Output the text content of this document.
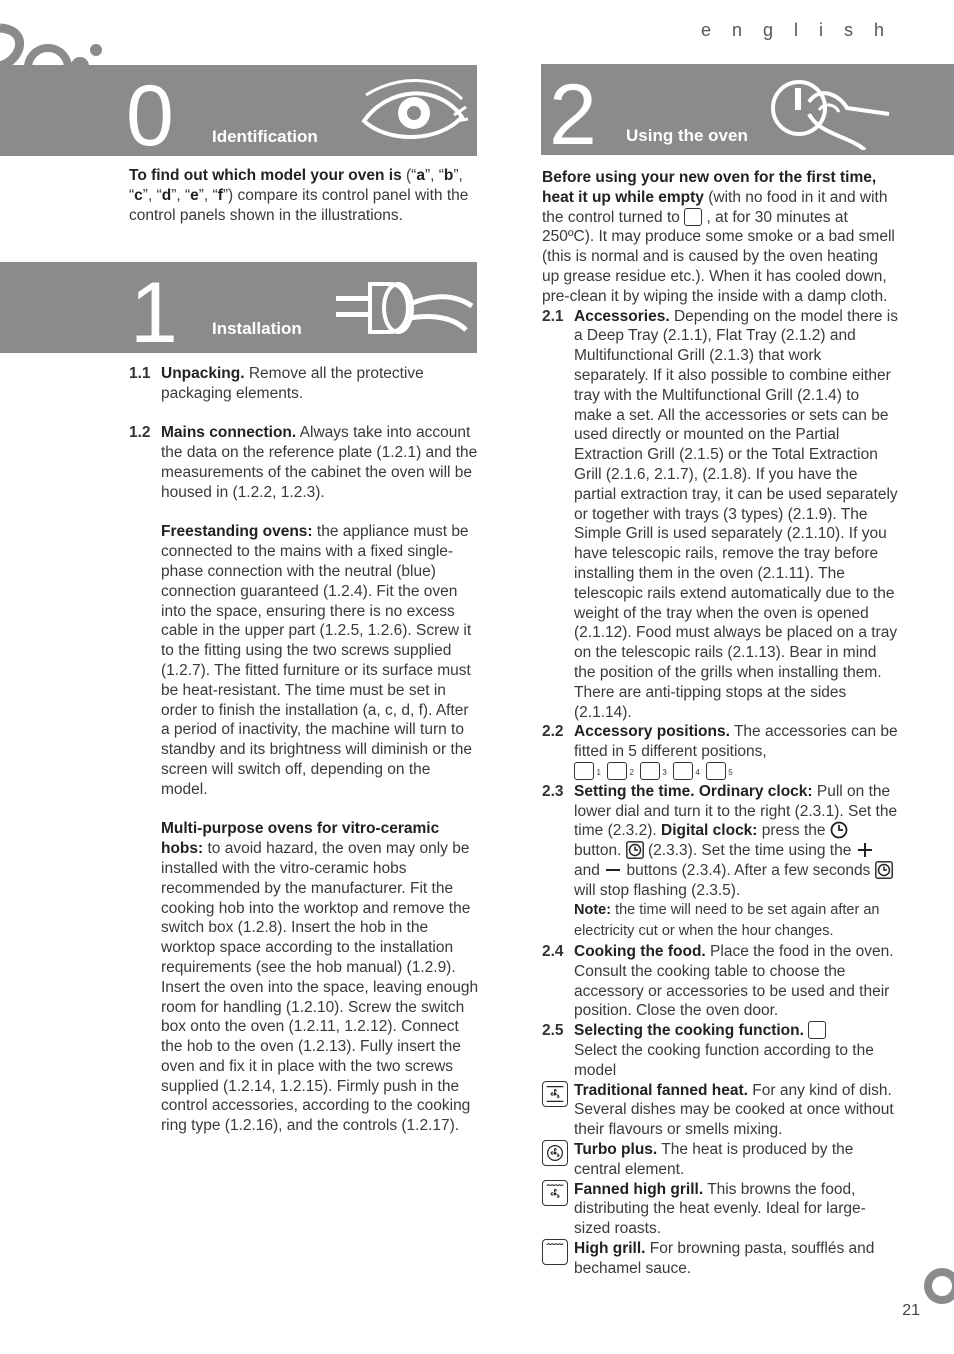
e n g l i s h
0 Identification

To find out which model your oven is (“a”, “b”, “c”, “d”, “e”, “f”) compare its control panel with the control panels shown in the illustrations.

1 Installation
1.1 Unpacking. Remove all the protective packaging elements.
1.2 Mains connection. Always take into account the data on the reference plate (1.2.1) and the measurements of the cabinet the oven will be housed in (1.2.2, 1.2.3).

Freestanding ovens: the appliance must be connected to the mains with a fixed single-phase connection with the neutral (blue) connection guaranteed (1.2.4). Fit the oven into the space, ensuring there is no excess cable in the upper part (1.2.5, 1.2.6). Screw it to the fitting using the two screws supplied (1.2.7). The fitted furniture or its surface must be heat-resistant. The time must be set in order to finish the installation (a, c, d, f). After a period of inactivity, the machine will turn to standby and its brightness will diminish or the screen will switch off, depending on the model.

Multi-purpose ovens for vitro-ceramic hobs: to avoid hazard, the oven may only be installed with the vitro-ceramic hobs recommended by the manufacturer. Fit the cooking hob into the worktop and remove the switch box (1.2.8). Insert the hob in the worktop space according to the installation requirements (see the hob manual) (1.2.9). Insert the oven into the space, leaving enough room for handling (1.2.10). Screw the switch box onto the oven (1.2.11, 1.2.12). Connect the hob to the oven (1.2.13). Fully insert the oven and fix it in place with the two screws supplied (1.2.14, 1.2.15). Firmly push in the control accessories, according to the cooking ring type (1.2.16), and the controls (1.2.17).

2 Using the oven

Before using your new oven for the first time, heat it up while empty (with no food in it and with the control turned to  , at for 30 minutes at 250ºC). It may produce some smoke or a bad smell (this is normal and is caused by the oven heating up grease residue etc.). When it has cooled down, pre-clean it by wiping the inside with a damp cloth.

2.1 Accessories. Depending on the model there is a Deep Tray (2.1.1), Flat Tray (2.1.2) and Multifunctional Grill (2.1.3) that work separately. If it also possible to combine either tray with the Multifunctional Grill (2.1.4) to make a set. All the accessories or sets can be used directly or mounted on the Partial Extraction Grill (2.1.5) or the Total Extraction Grill (2.1.6, 2.1.7), (2.1.8). If you have the partial extraction tray, it can be used separately or together with trays (3 types) (2.1.9). The Simple Grill is used separately (2.1.10). If you have telescopic rails, remove the tray before installing them in the oven (2.1.11). The telescopic rails extend automatically due to the weight of the tray when the oven is opened (2.1.12). Food must always be placed on a tray on the telescopic rails (2.1.13). Bear in mind the position of the grills when installing them. There are anti-tipping stops at the sides (2.1.14).
2.2 Accessory positions. The accessories can be fitted in 5 different positions,

1
	2
	3
	4
	5
2.3 Setting the time. Ordinary clock: Pull on the lower dial and turn it to the right (2.3.1). Set the time (2.3.2). Digital clock: press the  button.  (2.3.3). Set the time using the  and  buttons (2.3.4). After a few seconds  will stop flashing (2.3.5).
Note: the time will need to be set again after an electricity cut or when the hour changes.
2.4 Cooking the food. Place the food in the oven. Consult the cooking table to choose the accessory or accessories to be used and their position. Close the oven door.
2.5 Selecting the cooking function.
Select the cooking function according to the model
Traditional fanned heat. For any kind of dish. Several dishes may be cooked at once without their flavours or smells mixing.
Turbo plus. The heat is produced by the central element.
Fanned high grill. This browns the food, distributing the heat evenly. Ideal for large-sized roasts.
High grill. For browning pasta, soufflés and bechamel sauce.
21
